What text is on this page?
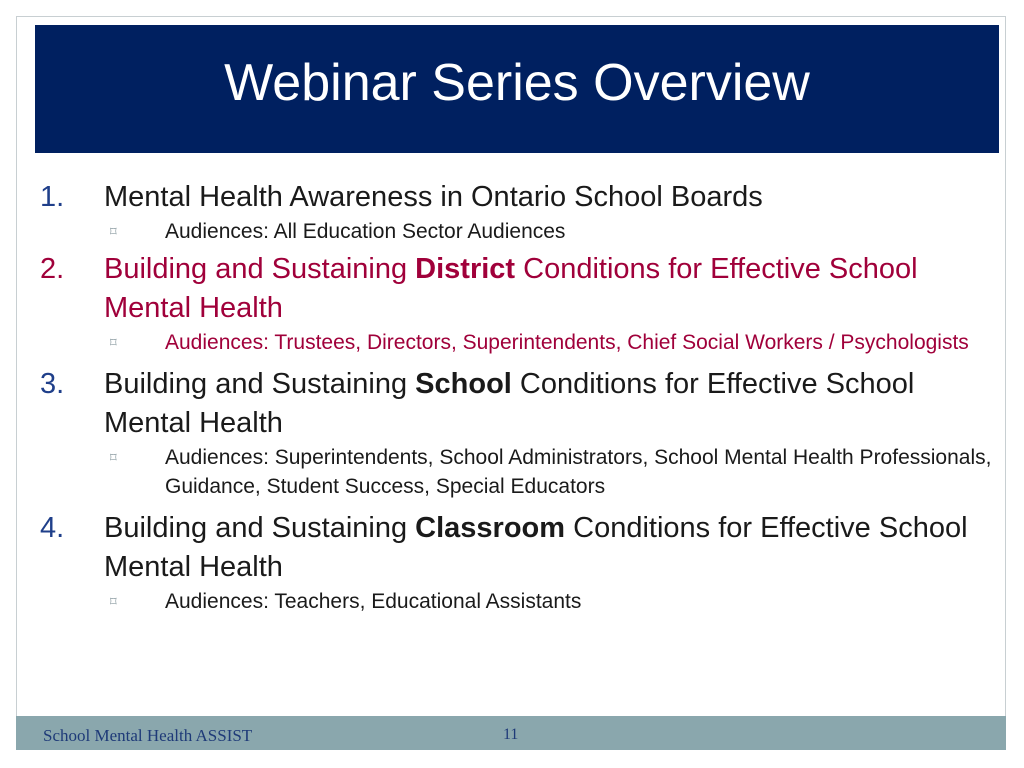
Webinar Series Overview
1.	Mental Health Awareness in Ontario School Boards
⌑	Audiences: All Education Sector Audiences
2.	Building and Sustaining District Conditions for Effective School Mental Health
⌑	Audiences: Trustees, Directors, Superintendents, Chief Social Workers / Psychologists
3.	Building and Sustaining School Conditions for Effective School Mental Health
⌑	Audiences: Superintendents, School Administrators, School Mental Health Professionals, Guidance, Student Success, Special Educators
4.	Building and Sustaining Classroom Conditions for Effective School Mental Health
⌑	Audiences: Teachers, Educational Assistants
School Mental Health ASSIST	11
